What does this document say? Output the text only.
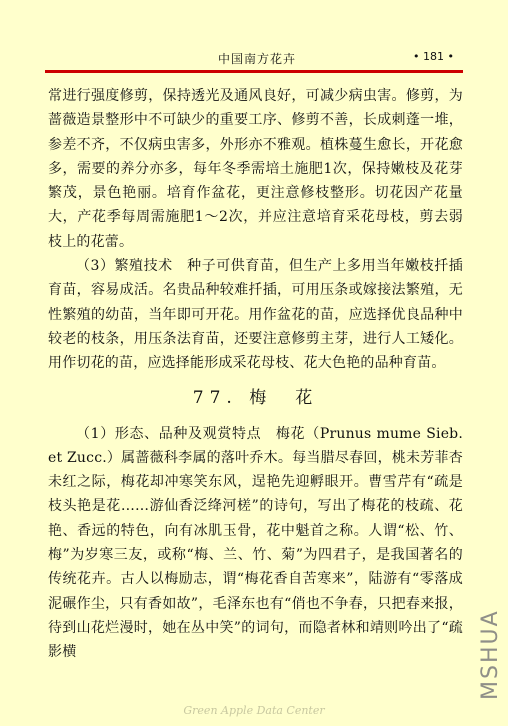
中国南方花卉	• 181 •

常进行强度修剪，保持透光及通风良好，可减少病虫害。修剪，为蔷薇造景整形中不可缺少的重要工序、修剪不善，长成刺蓬一堆，参差不齐，不仅病虫害多，外形亦不雅观。植株蔓生愈长，开花愈多，需要的养分亦多，每年冬季需培土施肥1次，保持嫩枝及花芽繁茂，景色艳丽。培育作盆花，更注意修枝整形。切花因产花量大，产花季每周需施肥1～2次，并应注意培育采花母枝，剪去弱枝上的花蕾。

（3）繁殖技术　种子可供育苗，但生产上多用当年嫩枝扦插育苗，容易成活。名贵品种较难扦插，可用压条或嫁接法繁殖，无性繁殖的幼苗，当年即可开花。用作盆花的苗，应选择优良品种中较老的枝条，用压条法育苗，还要注意修剪主芽，进行人工矮化。用作切花的苗，应选择能形成采花母枝、花大色艳的品种育苗。

77. 梅　花

（1）形态、品种及观赏特点　梅花（Prunus mume Sieb. et Zucc.）属蔷薇科李属的落叶乔木。每当腊尽春回，桃未芳菲杏未红之际，梅花却冲寒笑东风，逞艳先迎孵眼开。曹雪芹有“疏是枝头艳是花……游仙香泛绛河槎”的诗句，写出了梅花的枝疏、花艳、香远的特色，向有冰肌玉骨，花中魁首之称。人谓“松、竹、梅”为岁寒三友，或称“梅、兰、竹、菊”为四君子，是我国著名的传统花卉。古人以梅励志，谓“梅花香自苦寒来”，陆游有“零落成泥碾作尘，只有香如故”，毛泽东也有“俏也不争春，只把春来报，待到山花烂漫时，她在丛中笑”的词句，而隐者林和靖则吟出了“疏影横

Green Apple Data Center
MSHUA
